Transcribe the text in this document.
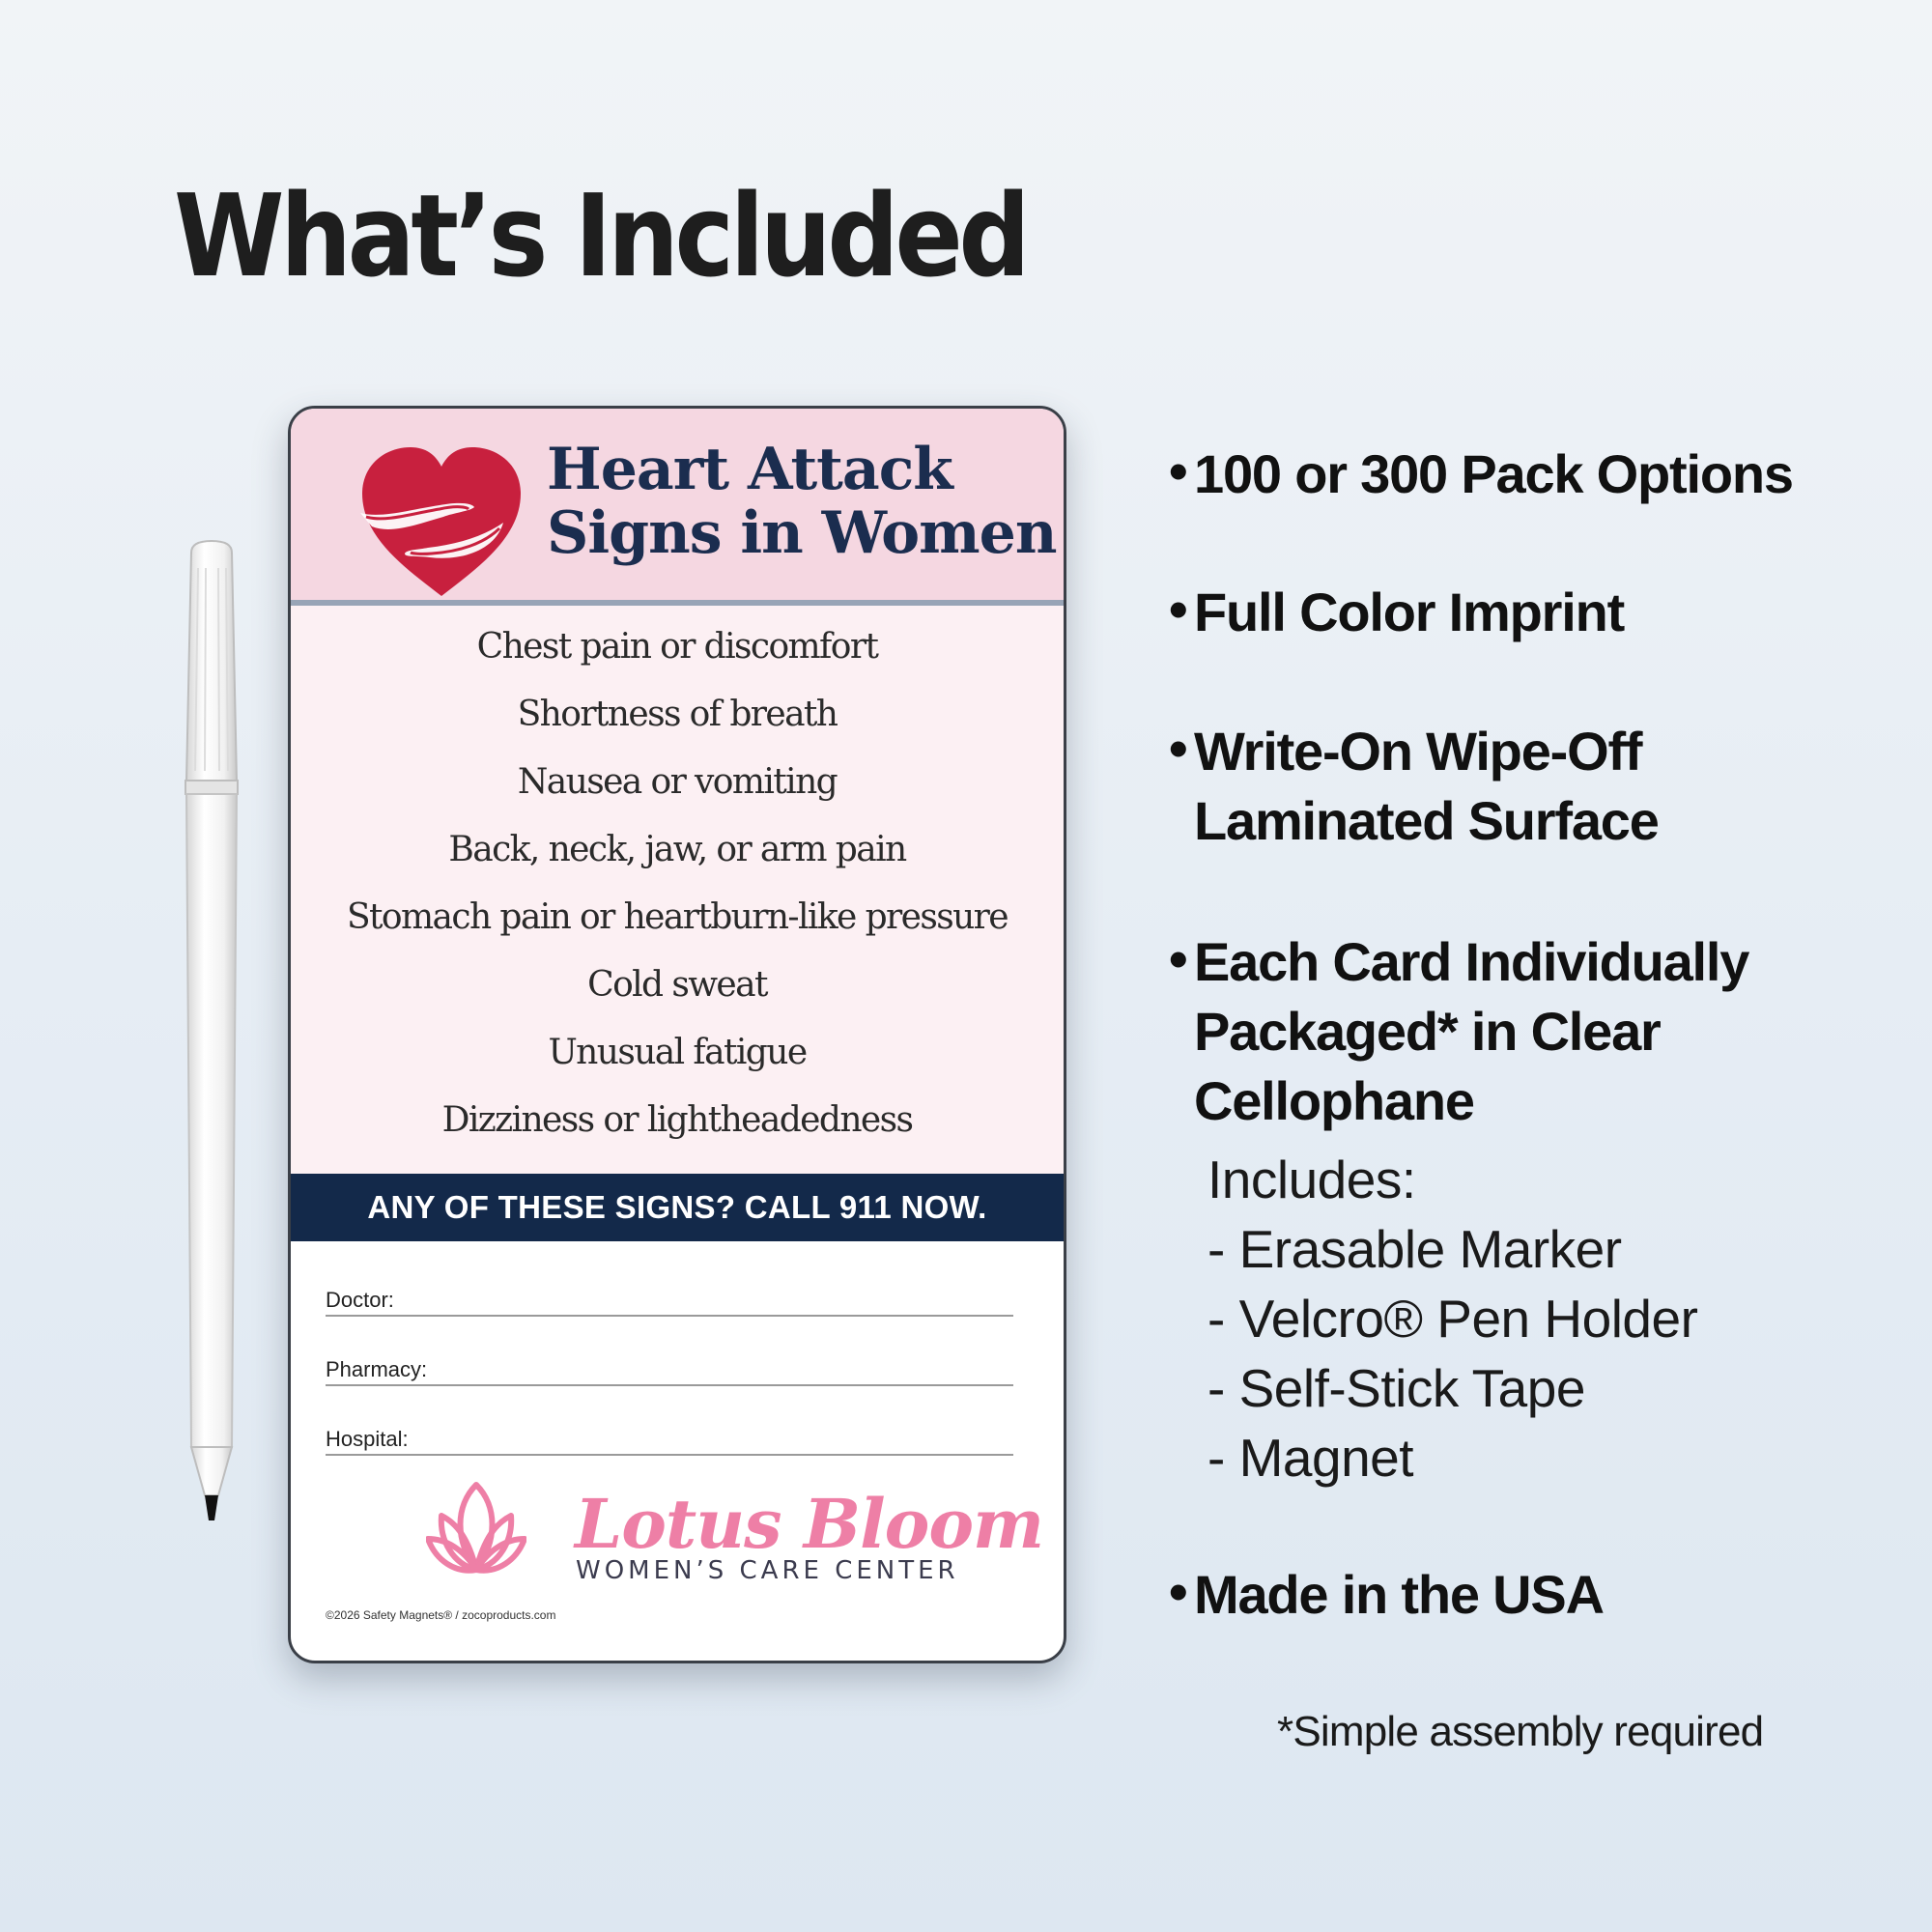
What’s Included
Heart Attack
Signs in Women
Chest pain or discomfort
Shortness of breath
Nausea or vomiting
Back, neck, jaw, or arm pain
Stomach pain or heartburn-like pressure
Cold sweat
Unusual fatigue
Dizziness or lightheadedness
ANY OF THESE SIGNS? CALL 911 NOW.
Doctor:
Pharmacy:
Hospital:

Lotus Bloom

WOMEN’S CARE CENTER

©2026 Safety Magnets® / zocoproducts.com
• 100 or 300 Pack Options
• Full Color Imprint
• Write-On Wipe-Off
Laminated Surface
• Each Card Individually
Packaged* in Clear
Cellophane
• Made in the USA
Includes:
- Erasable Marker
- Velcro® Pen Holder
- Self-Stick Tape
- Magnet

*Simple assembly required
